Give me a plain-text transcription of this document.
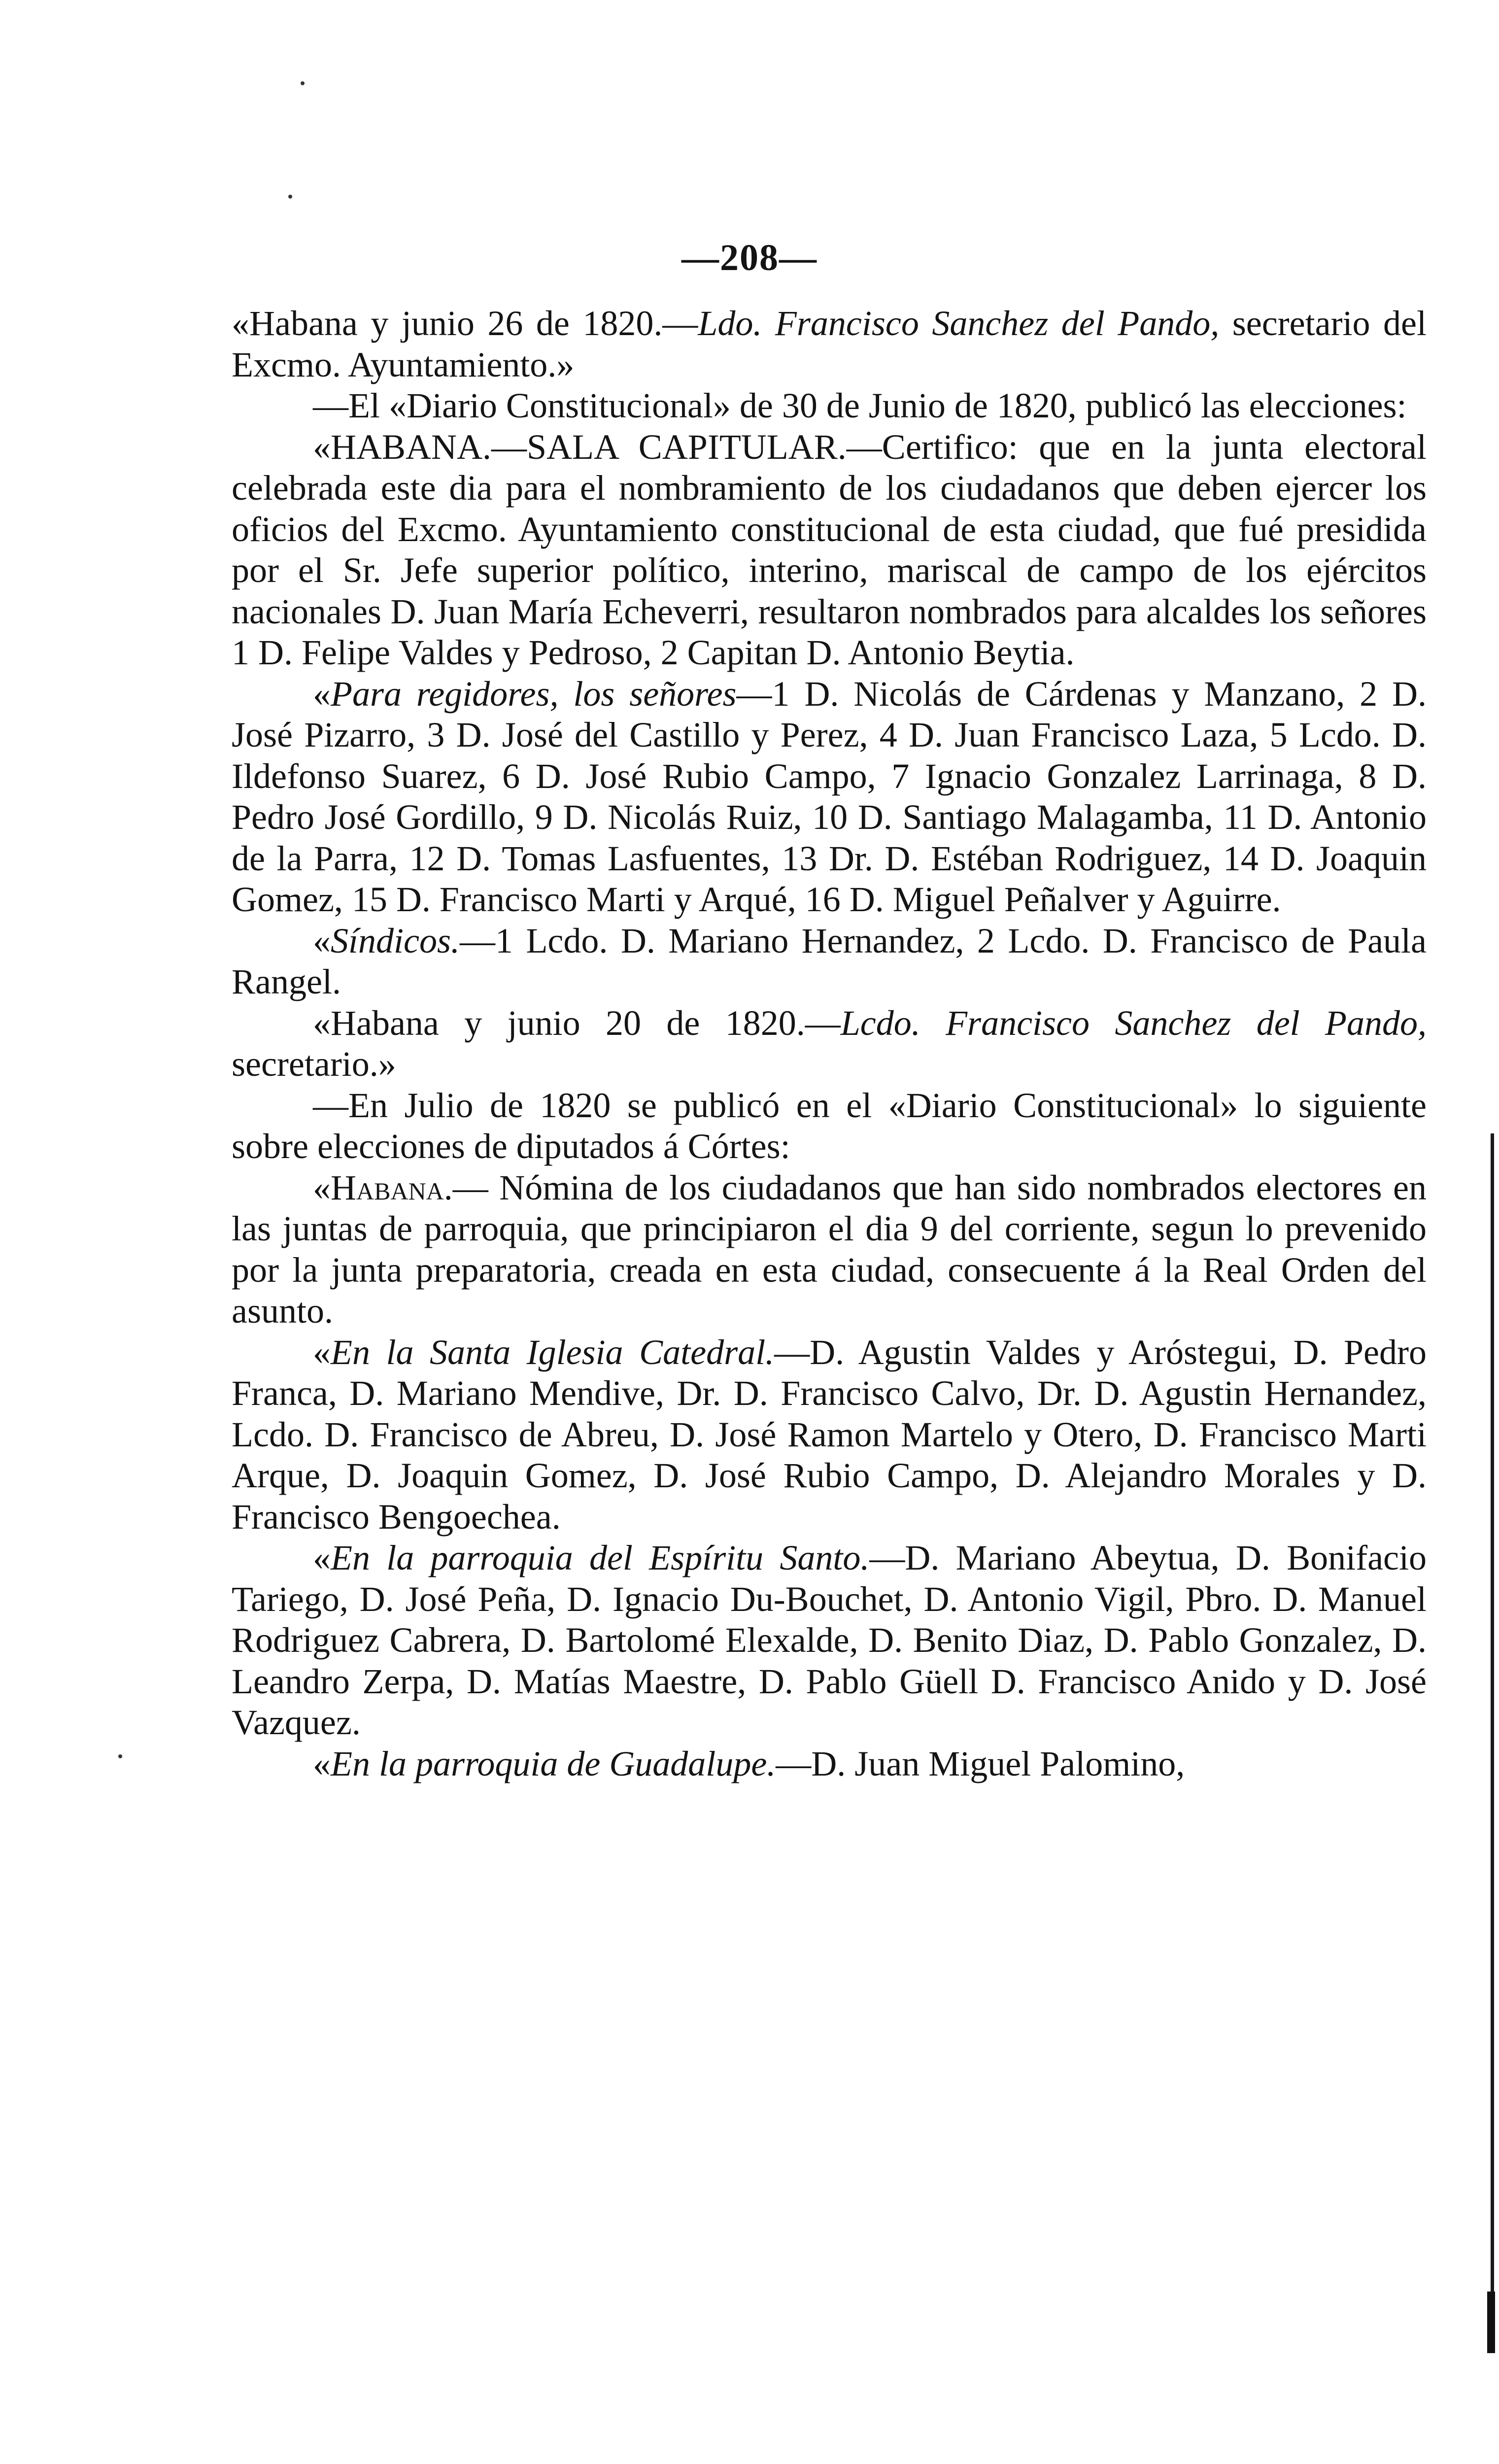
—208—

«Habana y junio 26 de 1820.—Ldo. Francisco Sanchez del Pando, secretario del Excmo. Ayuntamiento.»

—El «Diario Constitucional» de 30 de Junio de 1820, publicó las elecciones:

«HABANA.—SALA CAPITULAR.—Certifico: que en la junta electoral celebrada este dia para el nombramiento de los ciudadanos que deben ejercer los oficios del Excmo. Ayuntamiento constitucional de esta ciudad, que fué presidida por el Sr. Jefe superior político, interino, mariscal de campo de los ejércitos nacionales D. Juan María Echeverri, resultaron nombrados para alcaldes los señores 1 D. Felipe Valdes y Pedroso, 2 Capitan D. Antonio Beytia.

«Para regidores, los señores—1 D. Nicolás de Cárdenas y Manzano, 2 D. José Pizarro, 3 D. José del Castillo y Perez, 4 D. Juan Francisco Laza, 5 Lcdo. D. Ildefonso Suarez, 6 D. José Rubio Campo, 7 Ignacio Gonzalez Larrinaga, 8 D. Pedro José Gordillo, 9 D. Nicolás Ruiz, 10 D. Santiago Malagamba, 11 D. Antonio de la Parra, 12 D. Tomas Lasfuentes, 13 Dr. D. Estéban Rodriguez, 14 D. Joaquin Gomez, 15 D. Francisco Marti y Arqué, 16 D. Miguel Peñalver y Aguirre.

«Síndicos.—1 Lcdo. D. Mariano Hernandez, 2 Lcdo. D. Francisco de Paula Rangel.

«Habana y junio 20 de 1820.—Lcdo. Francisco Sanchez del Pando, secretario.»

—En Julio de 1820 se publicó en el «Diario Constitucional» lo siguiente sobre elecciones de diputados á Córtes:

«Habana.— Nómina de los ciudadanos que han sido nombrados electores en las juntas de parroquia, que principiaron el dia 9 del corriente, segun lo prevenido por la junta preparatoria, creada en esta ciudad, consecuente á la Real Orden del asunto.

«En la Santa Iglesia Catedral.—D. Agustin Valdes y Aróstegui, D. Pedro Franca, D. Mariano Mendive, Dr. D. Francisco Calvo, Dr. D. Agustin Hernandez, Lcdo. D. Francisco de Abreu, D. José Ramon Martelo y Otero, D. Francisco Marti Arque, D. Joaquin Gomez, D. José Rubio Campo, D. Alejandro Morales y D. Francisco Bengoechea.

«En la parroquia del Espíritu Santo.—D. Mariano Abeytua, D. Bonifacio Tariego, D. José Peña, D. Ignacio Du-Bouchet, D. Antonio Vigil, Pbro. D. Manuel Rodriguez Cabrera, D. Bartolomé Elexalde, D. Benito Diaz, D. Pablo Gonzalez, D. Leandro Zerpa, D. Matías Maestre, D. Pablo Güell D. Francisco Anido y D. José Vazquez.

«En la parroquia de Guadalupe.—D. Juan Miguel Palomino,
